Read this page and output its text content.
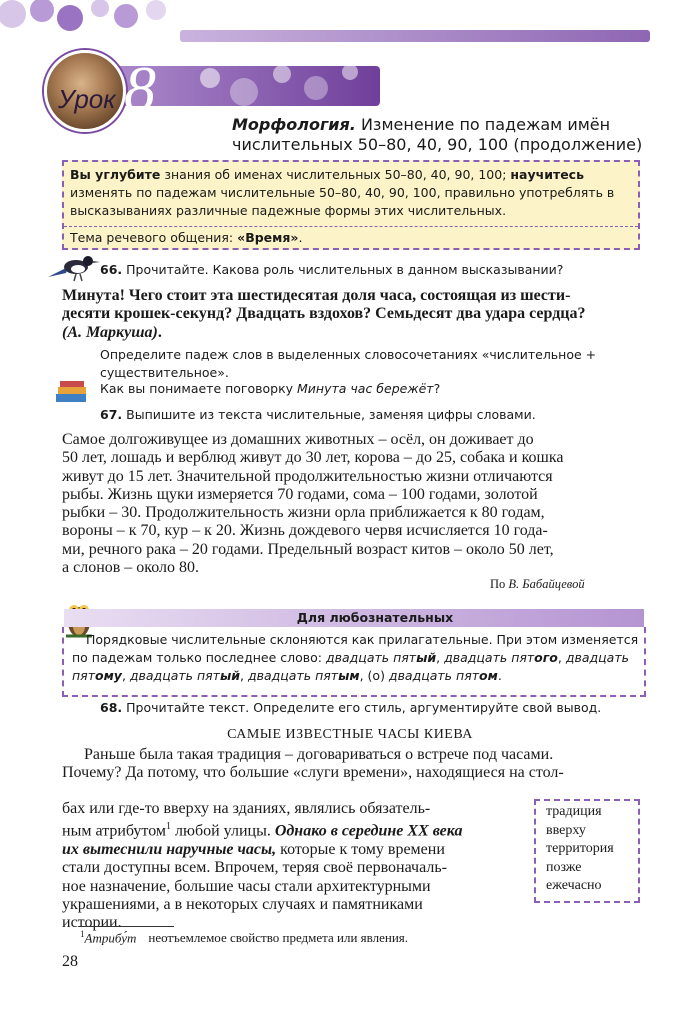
8
Урок
Морфология. Изменение по падежам имён числительных 50–80, 40, 90, 100 (продолжение)
Вы углубите знания об именах числительных 50–80, 40, 90, 100; научитесь изменять по падежам числительные 50–80, 40, 90, 100, правильно употреблять в высказываниях различные падежные формы этих числительных.
Тема речевого общения: «Время».
66. Прочитайте. Какова роль числительных в данном высказывании?
Минута! Чего стоит эта шестидесятая доля часа, состоящая из шести-
десяти крошек-секунд? Двадцать вздохов? Семьдесят два удара сердца?
(А. Маркуша).
Определите падеж слов в выделенных словосочетаниях «числительное + существительное».
Как вы понимаете поговорку Минута час бережёт?
67. Выпишите из текста числительные, заменяя цифры словами.
Самое долгоживущее из домашних животных – осёл, он доживает до
50 лет, лошадь и верблюд живут до 30 лет, корова – до 25, собака и кошка
живут до 15 лет. Значительной продолжительностью жизни отличаются
рыбы. Жизнь щуки измеряется 70 годами, сома – 100 годами, золотой
рыбки – 30. Продолжительность жизни орла приближается к 80 годам,
вороны – к 70, кур – к 20. Жизнь дождевого червя исчисляется 10 года-
ми, речного рака – 20 годами. Предельный возраст китов – около 50 лет,
а слонов – около 80.
По В. Бабайцевой
Для любознательных
Порядковые числительные склоняются как прилагательные. При этом изменяется по падежам только последнее слово: двадцать пятый, двадцать пятого, двадцать пятому, двадцать пятый, двадцать пятым, (о) двадцать пятом.
68. Прочитайте текст. Определите его стиль, аргументируйте свой вывод.
САМЫЕ ИЗВЕСТНЫЕ ЧАСЫ КИЕВА
Раньше была такая традиция – договариваться о встрече под часами.
Почему? Да потому, что большие «слуги времени», находящиеся на стол-
бах или где-то вверху на зданиях, являлись обязатель-
ным атрибутом$^1$ любой улицы. Однако в середине XX века
их вытеснили наручные часы, которые к тому времени
стали доступны всем. Впрочем, теряя своё первоначаль-
ное назначение, большие часы стали архитектурными
украшениями, а в некоторых случаях и памятниками
истории.
традиция
вверху
территория
позже
ежечасно
$^1$Атрибу́т неотъемлемое свойство предмета или явления.
28
